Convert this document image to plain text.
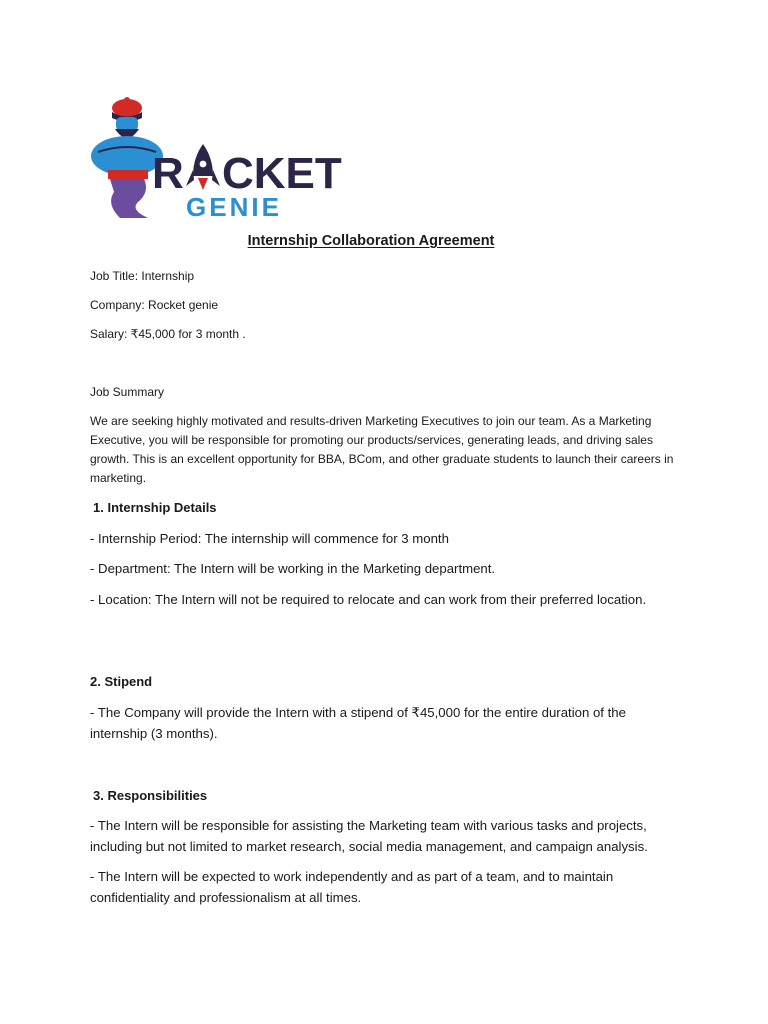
R CKET
GENIE
Internship Collaboration Agreement
Job Title: Internship
Company: Rocket genie
Salary: ₹45,000 for 3 month .
Job Summary
We are seeking highly motivated and results-driven Marketing Executives to join our team. As a Marketing Executive, you will be responsible for promoting our products/services, generating leads, and driving sales growth. This is an excellent opportunity for BBA, BCom, and other graduate students to launch their careers in marketing.
1. Internship Details
- Internship Period: The internship will commence for 3 month
- Department: The Intern will be working in the Marketing department.
- Location: The Intern will not be required to relocate and can work from their preferred location.
2. Stipend
- The Company will provide the Intern with a stipend of ₹45,000 for the entire duration of the internship (3 months).
3. Responsibilities
- The Intern will be responsible for assisting the Marketing team with various tasks and projects, including but not limited to market research, social media management, and campaign analysis.
- The Intern will be expected to work independently and as part of a team, and to maintain confidentiality and professionalism at all times.
